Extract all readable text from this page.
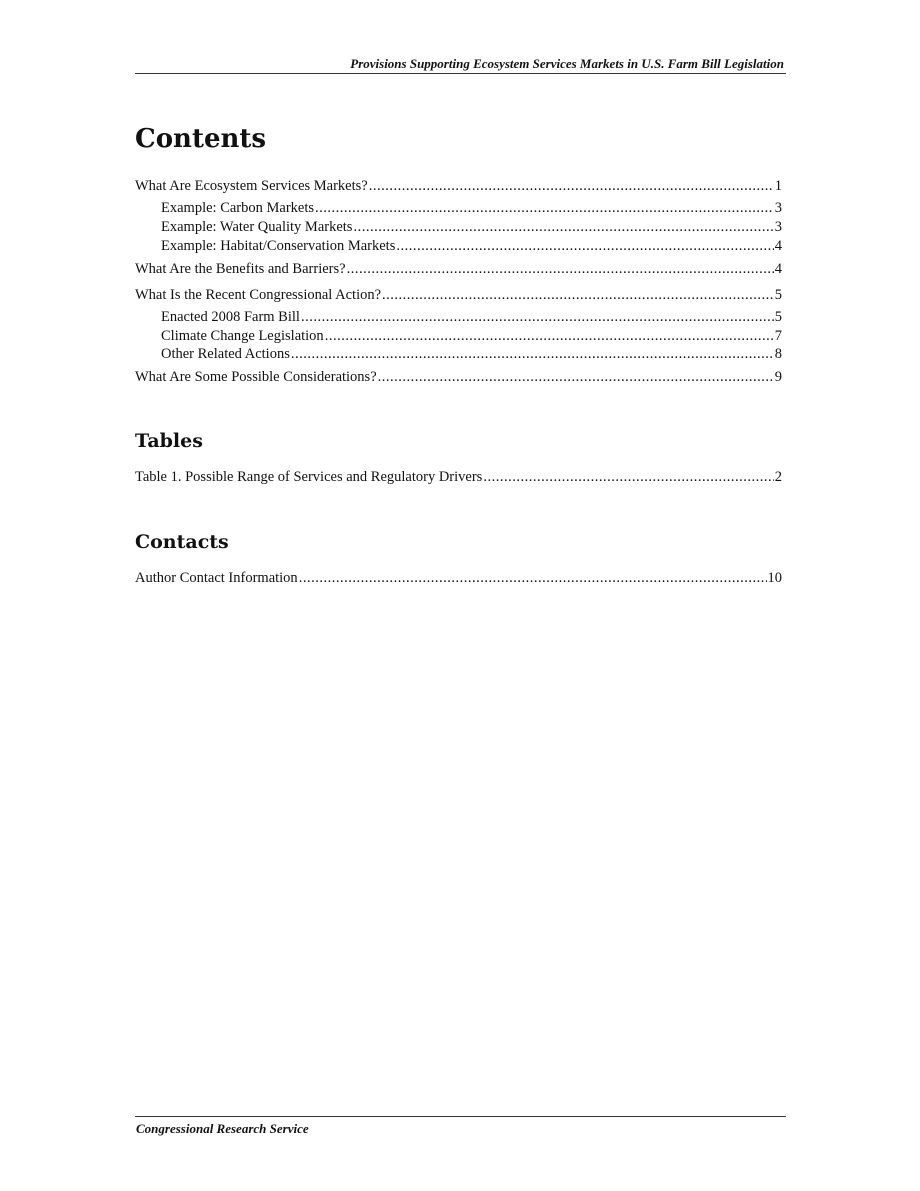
Provisions Supporting Ecosystem Services Markets in U.S. Farm Bill Legislation
Contents
What Are Ecosystem Services Markets? .....	1
Example: Carbon Markets .....	3
Example: Water Quality Markets .....	3
Example: Habitat/Conservation Markets .....	4
What Are the Benefits and Barriers? .....	4
What Is the Recent Congressional Action? .....	5
Enacted 2008 Farm Bill .....	5
Climate Change Legislation .....	7
Other Related Actions .....	8
What Are Some Possible Considerations? .....	9
Tables
Table 1. Possible Range of Services and Regulatory Drivers .....	2
Contacts
Author Contact Information .....	10
Congressional Research Service
